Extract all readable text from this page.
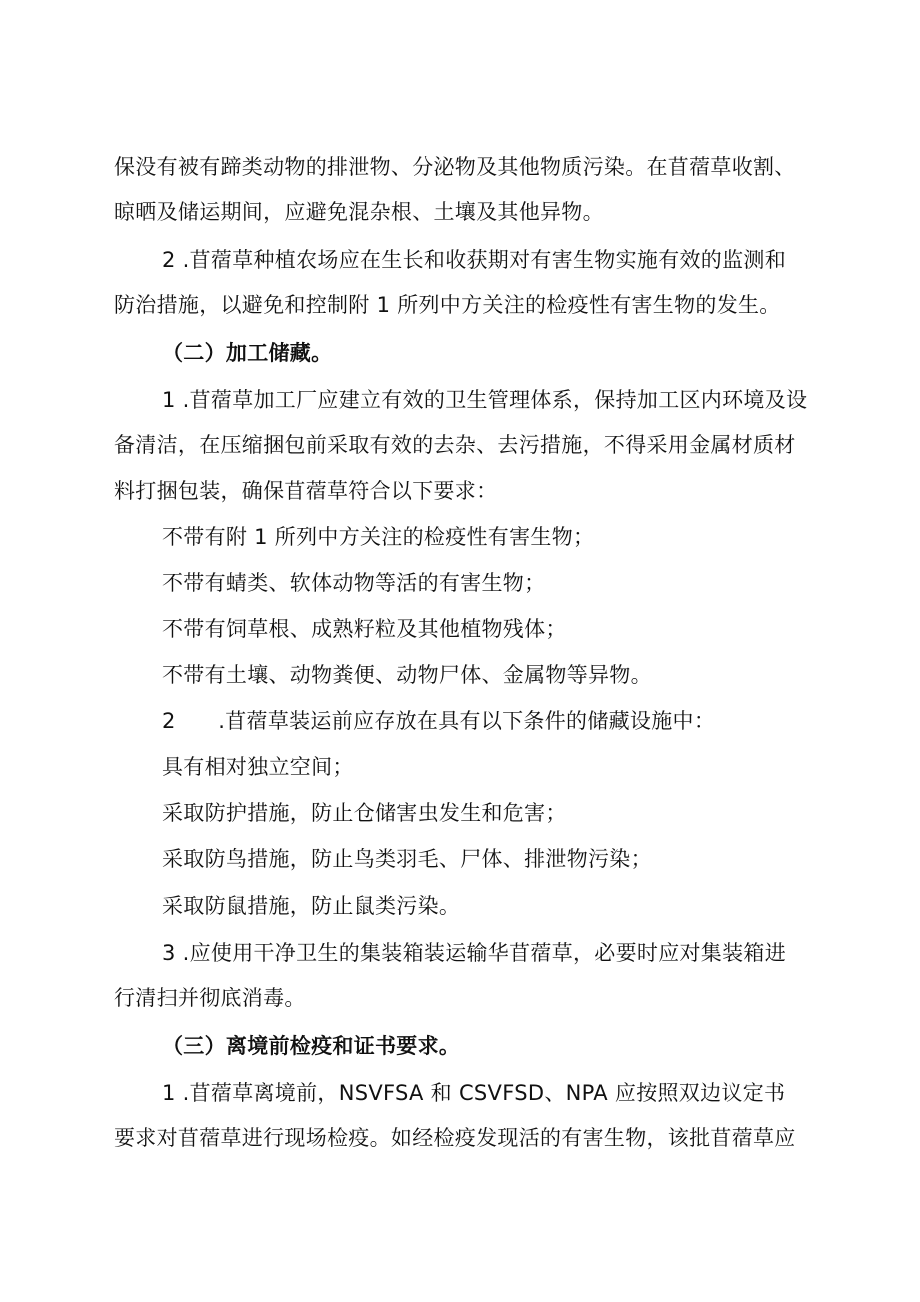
保没有被有蹄类动物的排泄物、分泌物及其他物质污染。在苜蓿草收割、
晾晒及储运期间，应避免混杂根、土壤及其他异物。
2 .苜蓿草种植农场应在生长和收获期对有害生物实施有效的监测和
防治措施，以避免和控制附 1 所列中方关注的检疫性有害生物的发生。
（二）加工储藏。
1 .苜蓿草加工厂应建立有效的卫生管理体系，保持加工区内环境及设
备清洁，在压缩捆包前采取有效的去杂、去污措施，不得采用金属材质材
料打捆包装，确保苜蓿草符合以下要求：
不带有附 1 所列中方关注的检疫性有害生物；
不带有蜻类、软体动物等活的有害生物；
不带有饲草根、成熟籽粒及其他植物残体；
不带有土壤、动物粪便、动物尸体、金属物等异物。
2　　.苜蓿草装运前应存放在具有以下条件的储藏设施中：
具有相对独立空间；
采取防护措施，防止仓储害虫发生和危害；
采取防鸟措施，防止鸟类羽毛、尸体、排泄物污染；
采取防鼠措施，防止鼠类污染。
3 .应使用干净卫生的集装箱装运输华苜蓿草，必要时应对集装箱进
行清扫并彻底消毒。
（三）离境前检疫和证书要求。
1 .苜蓿草离境前，NSVFSA 和 CSVFSD、NPA 应按照双边议定书
要求对苜蓿草进行现场检疫。如经检疫发现活的有害生物，该批苜蓿草应
